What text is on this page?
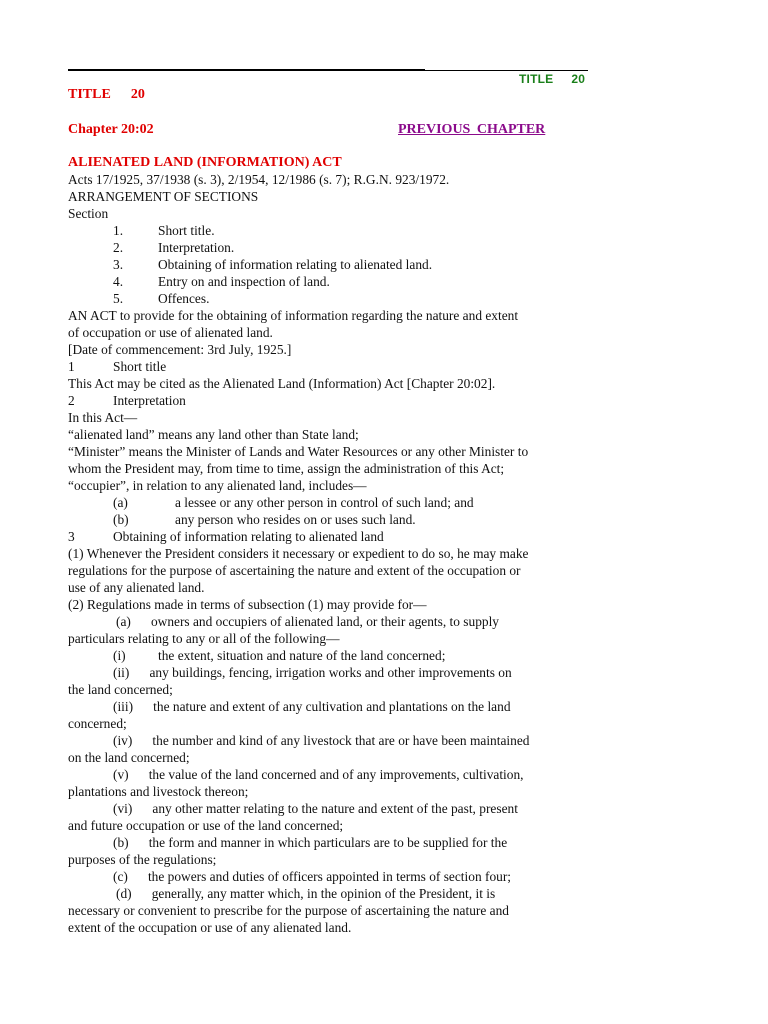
TITLE 20
TITLE 20
Chapter 20:02	PREVIOUS CHAPTER
ALIENATED LAND (INFORMATION) ACT
Acts 17/1925, 37/1938 (s. 3), 2/1954, 12/1986 (s. 7); R.G.N. 923/1972.
ARRANGEMENT OF SECTIONS
Section
1.	Short title.
2.	Interpretation.
3.	Obtaining of information relating to alienated land.
4.	Entry on and inspection of land.
5.	Offences.
AN ACT to provide for the obtaining of information regarding the nature and extent
of occupation or use of alienated land.
[Date of commencement: 3rd July, 1925.]
1	Short title
This Act may be cited as the Alienated Land (Information) Act [Chapter 20:02].
2	Interpretation
In this Act—
“alienated land” means any land other than State land;
“Minister” means the Minister of Lands and Water Resources or any other Minister to
whom the President may, from time to time, assign the administration of this Act;
“occupier”, in relation to any alienated land, includes—
(a)	a lessee or any other person in control of such land; and
(b)	any person who resides on or uses such land.
3	Obtaining of information relating to alienated land
(1) Whenever the President considers it necessary or expedient to do so, he may make
regulations for the purpose of ascertaining the nature and extent of the occupation or
use of any alienated land.
(2) Regulations made in terms of subsection (1) may provide for—
(a)      owners and occupiers of alienated land, or their agents, to supply
particulars relating to any or all of the following—
(i)	the extent, situation and nature of the land concerned;
(ii)      any buildings, fencing, irrigation works and other improvements on
the land concerned;
(iii)      the nature and extent of any cultivation and plantations on the land
concerned;
(iv)      the number and kind of any livestock that are or have been maintained
on the land concerned;
(v)      the value of the land concerned and of any improvements, cultivation,
plantations and livestock thereon;
(vi)      any other matter relating to the nature and extent of the past, present
and future occupation or use of the land concerned;
(b)      the form and manner in which particulars are to be supplied for the
purposes of the regulations;
(c)      the powers and duties of officers appointed in terms of section four;
(d)      generally, any matter which, in the opinion of the President, it is
necessary or convenient to prescribe for the purpose of ascertaining the nature and
extent of the occupation or use of any alienated land.
